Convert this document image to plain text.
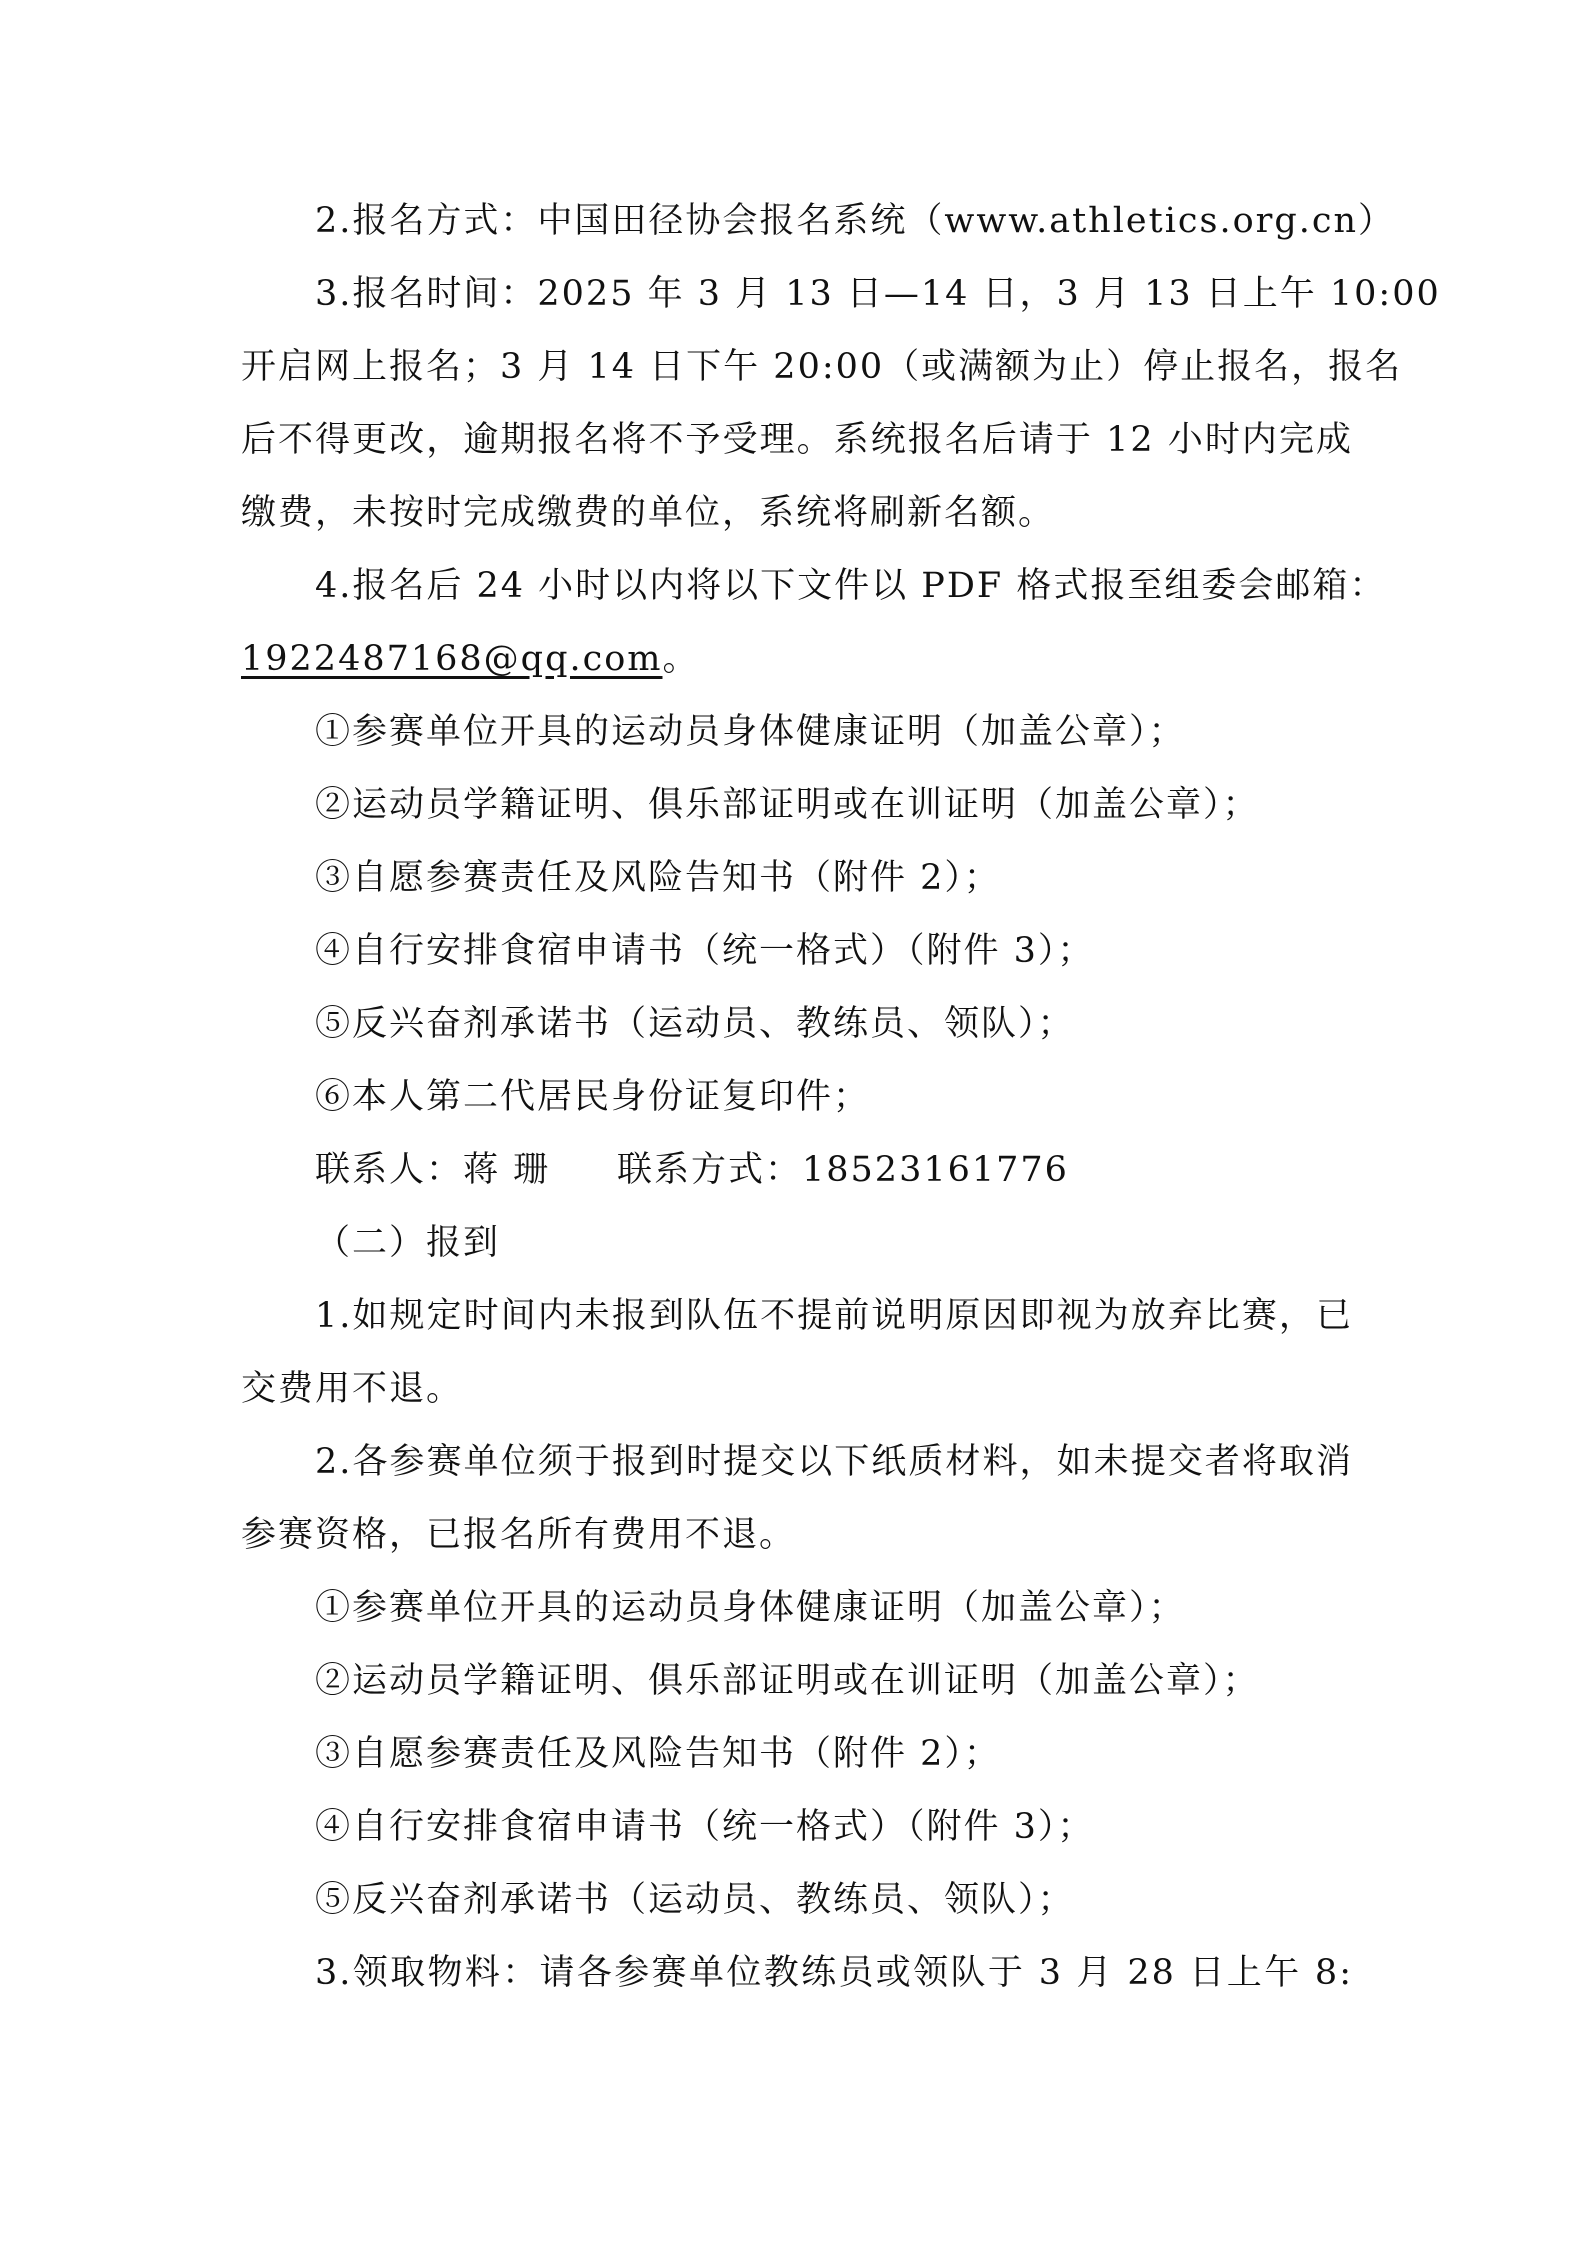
2.报名方式：中国田径协会报名系统（www.athletics.org.cn）
3.报名时间：2025 年 3 月 13 日—14 日，3 月 13 日上午 10:00
开启网上报名；3 月 14 日下午 20:00（或满额为止）停止报名，报名
后不得更改，逾期报名将不予受理。系统报名后请于 12 小时内完成
缴费，未按时完成缴费的单位，系统将刷新名额。
4.报名后 24 小时以内将以下文件以 PDF 格式报至组委会邮箱：
1922487168@qq.com。
①参赛单位开具的运动员身体健康证明（加盖公章）；
②运动员学籍证明、俱乐部证明或在训证明（加盖公章）；
③自愿参赛责任及风险告知书（附件 2）；
④自行安排食宿申请书（统一格式）（附件 3）；
⑤反兴奋剂承诺书（运动员、教练员、领队）；
⑥本人第二代居民身份证复印件；
联系人：蒋 珊 联系方式：18523161776
（二）报到
1.如规定时间内未报到队伍不提前说明原因即视为放弃比赛，已
交费用不退。
2.各参赛单位须于报到时提交以下纸质材料，如未提交者将取消
参赛资格，已报名所有费用不退。
①参赛单位开具的运动员身体健康证明（加盖公章）；
②运动员学籍证明、俱乐部证明或在训证明（加盖公章）；
③自愿参赛责任及风险告知书（附件 2）；
④自行安排食宿申请书（统一格式）（附件 3）；
⑤反兴奋剂承诺书（运动员、教练员、领队）；
3.领取物料：请各参赛单位教练员或领队于 3 月 28 日上午 8:
